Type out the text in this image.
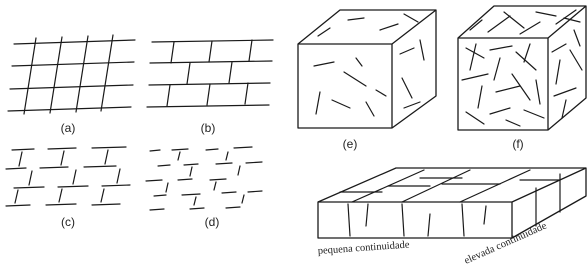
(a)	(b)
(c)	(d)
(e)	(f)
pequena continuidade	elevada continuidade
